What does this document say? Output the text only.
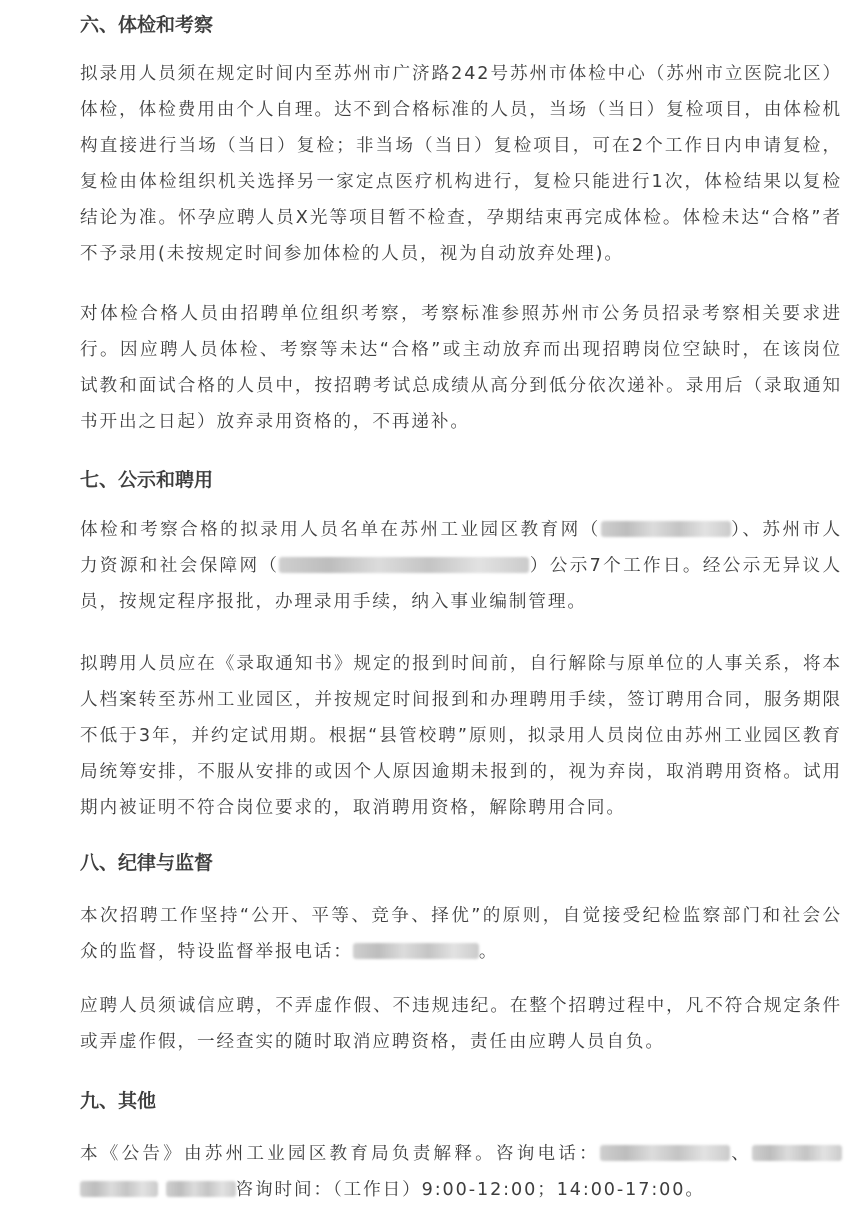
六、体检和考察
拟录用人员须在规定时间内至苏州市广济路242号苏州市体检中心（苏州市立医院北区）体检，体检费用由个人自理。达不到合格标准的人员，当场（当日）复检项目，由体检机构直接进行当场（当日）复检；非当场（当日）复检项目，可在2个工作日内申请复检，复检由体检组织机关选择另一家定点医疗机构进行，复检只能进行1次，体检结果以复检结论为准。怀孕应聘人员X光等项目暂不检查，孕期结束再完成体检。体检未达“合格”者不予录用(未按规定时间参加体检的人员，视为自动放弃处理)。
对体检合格人员由招聘单位组织考察，考察标准参照苏州市公务员招录考察相关要求进行。因应聘人员体检、考察等未达“合格”或主动放弃而出现招聘岗位空缺时，在该岗位试教和面试合格的人员中，按招聘考试总成绩从高分到低分依次递补。录用后（录取通知书开出之日起）放弃录用资格的，不再递补。
七、公示和聘用
体检和考察合格的拟录用人员名单在苏州工业园区教育网（	）、苏州市人力资源和社会保障网（	）公示7个工作日。经公示无异议人员，按规定程序报批，办理录用手续，纳入事业编制管理。
拟聘用人员应在《录取通知书》规定的报到时间前，自行解除与原单位的人事关系，将本人档案转至苏州工业园区，并按规定时间报到和办理聘用手续，签订聘用合同，服务期限不低于3年，并约定试用期。根据“县管校聘”原则，拟录用人员岗位由苏州工业园区教育局统筹安排，不服从安排的或因个人原因逾期未报到的，视为弃岗，取消聘用资格。试用期内被证明不符合岗位要求的，取消聘用资格，解除聘用合同。
八、纪律与监督
本次招聘工作坚持“公开、平等、竞争、择优”的原则，自觉接受纪检监察部门和社会公众的监督，特设监督举报电话：	。
应聘人员须诚信应聘，不弄虚作假、不违规违纪。在整个招聘过程中，凡不符合规定条件或弄虚作假，一经查实的随时取消应聘资格，责任由应聘人员自负。
九、其他
本《公告》由苏州工业园区教育局负责解释。咨询电话：	、  咨询时间：（工作日）9:00-12:00；14:00-17:00。
